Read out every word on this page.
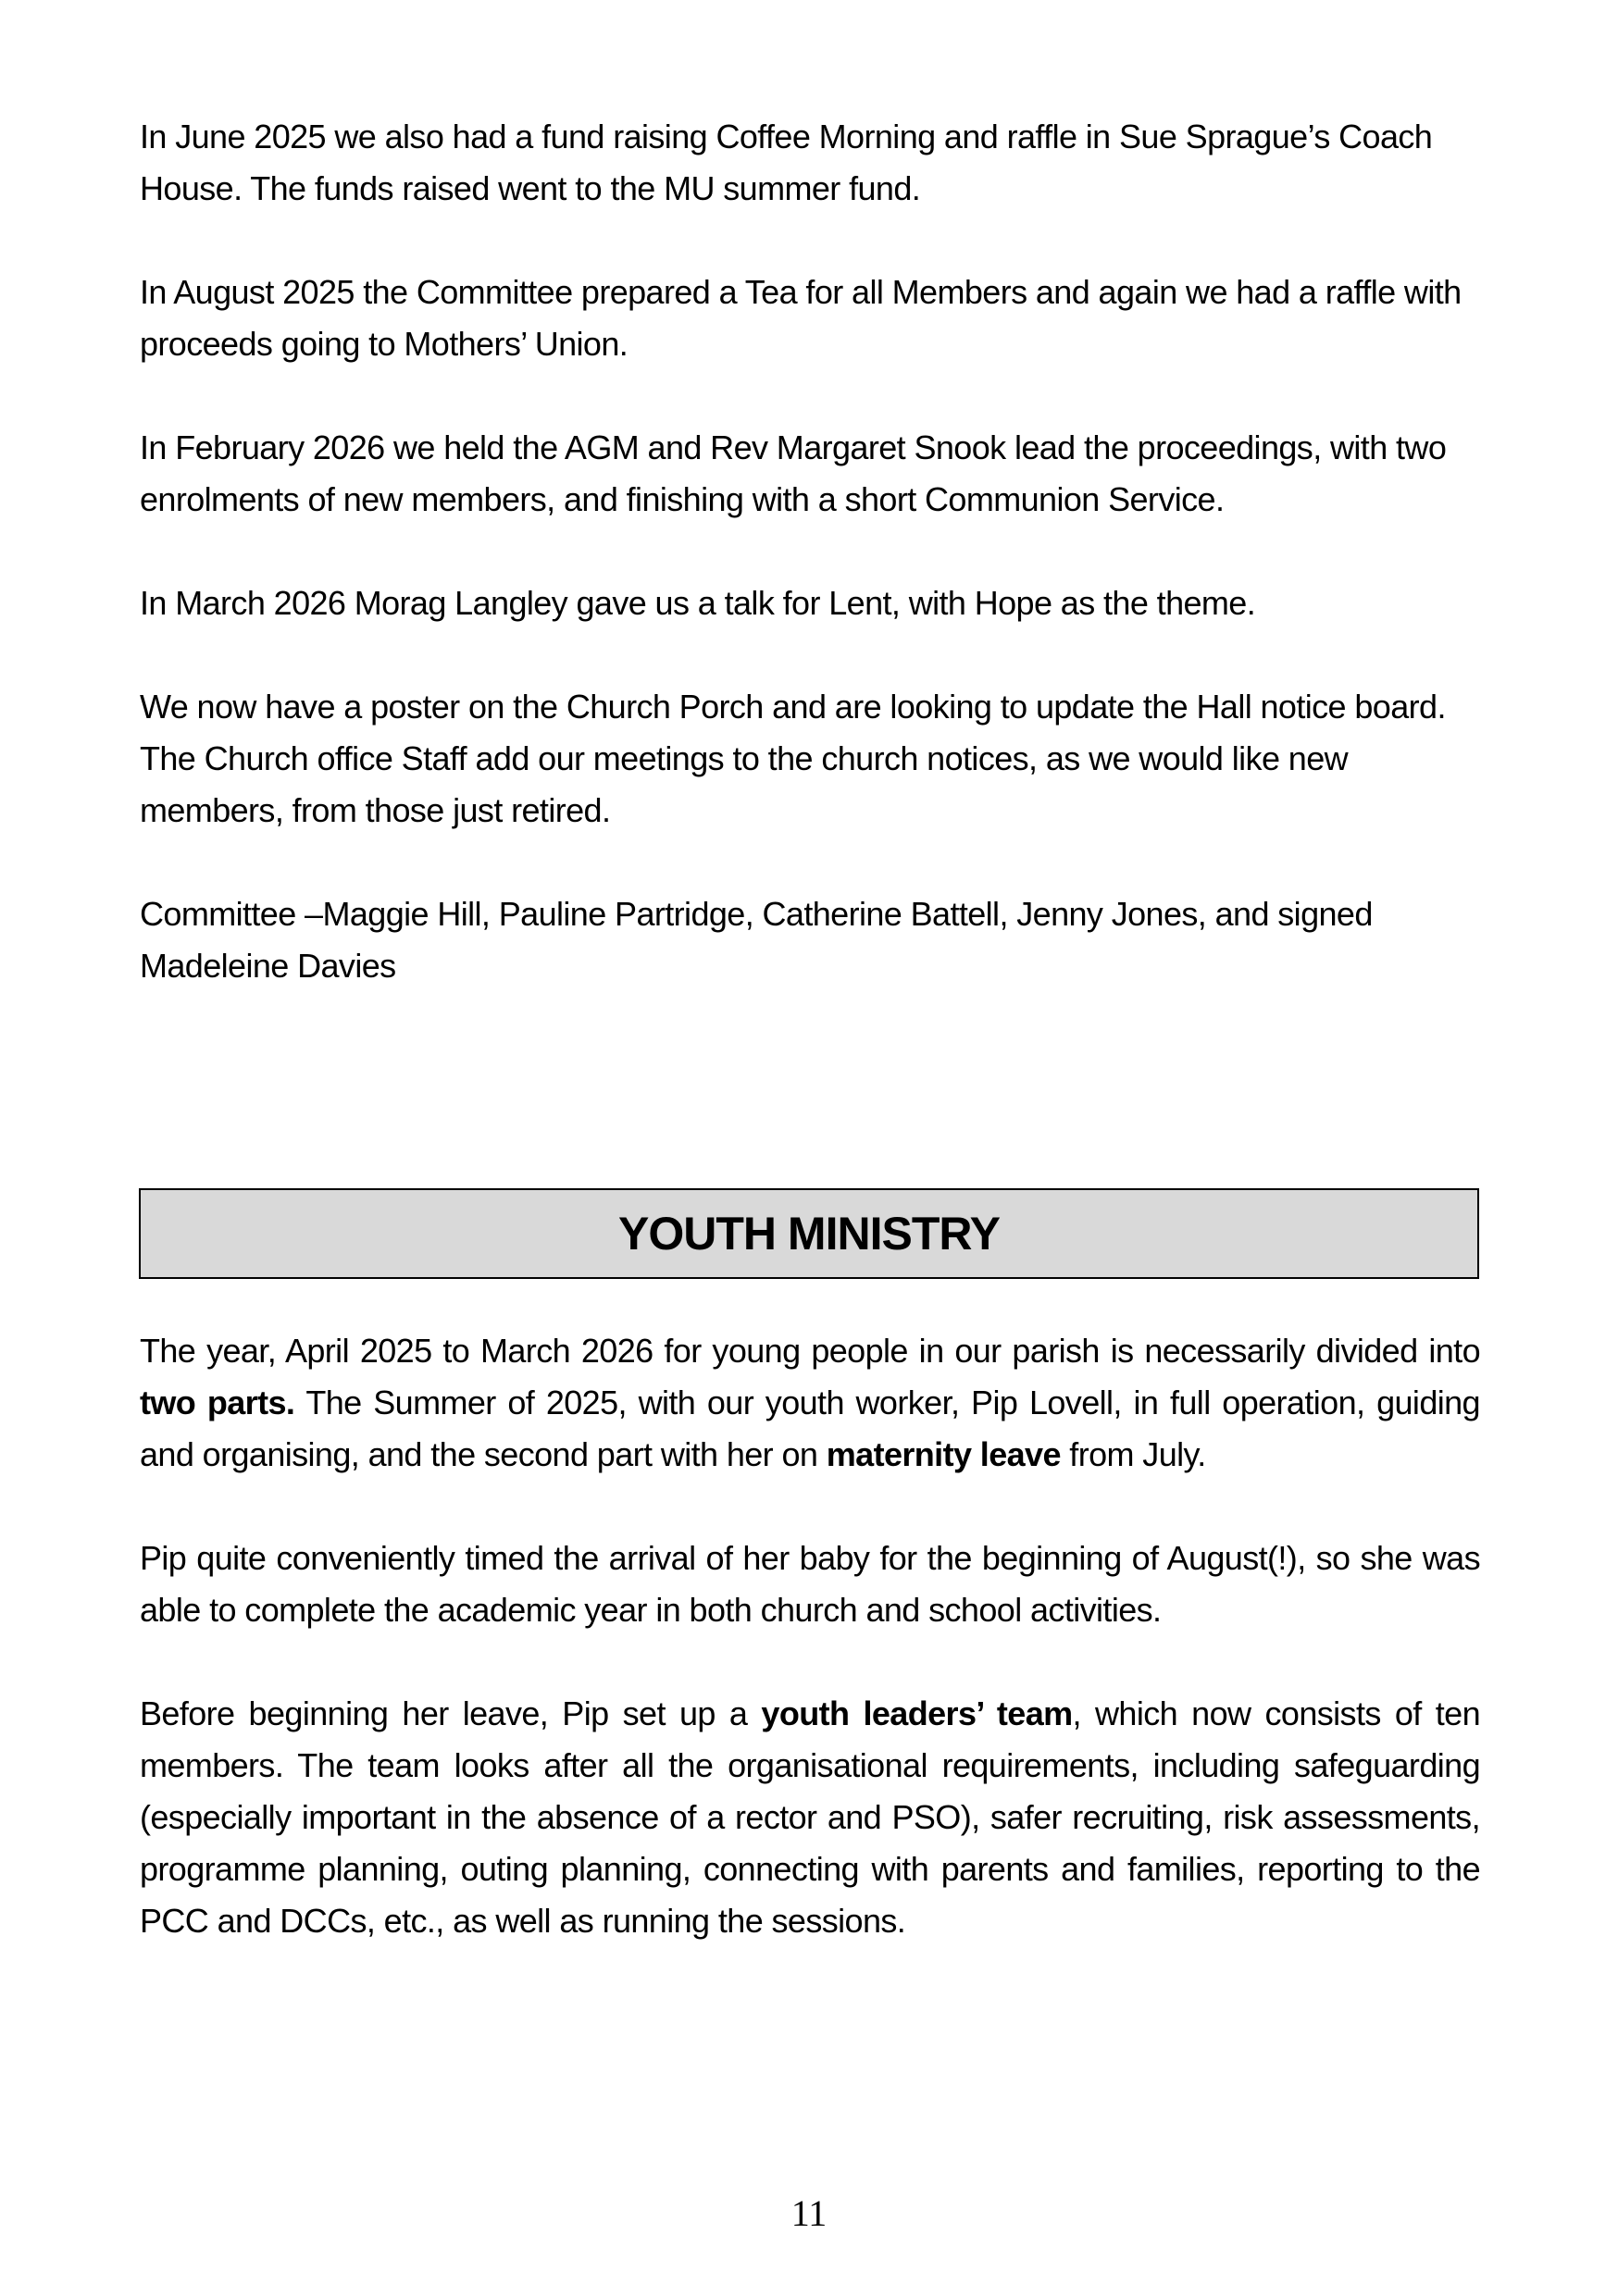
In June 2025 we also had a fund raising Coffee Morning and raffle in Sue Sprague’s Coach House. The funds raised went to the MU summer fund.

In August 2025 the Committee prepared a Tea for all Members and again we had a raffle with proceeds going to Mothers’ Union.

In February 2026 we held the AGM and Rev Margaret Snook lead the proceedings, with two enrolments of new members, and finishing with a short Communion Service.

In March 2026 Morag Langley gave us a talk for Lent, with Hope as the theme.

We now have a poster on the Church Porch and are looking to update the Hall notice board. The Church office Staff add our meetings to the church notices, as we would like new members, from those just retired.

Committee –Maggie Hill, Pauline Partridge, Catherine Battell, Jenny Jones, and signed Madeleine Davies

YOUTH MINISTRY

The year, April 2025 to March 2026 for young people in our parish is necessarily divided into two parts. The Summer of 2025, with our youth worker, Pip Lovell, in full operation, guiding and organising, and the second part with her on maternity leave from July.

Pip quite conveniently timed the arrival of her baby for the beginning of August(!), so she was able to complete the academic year in both church and school activities.

Before beginning her leave, Pip set up a youth leaders’ team, which now consists of ten members. The team looks after all the organisational requirements, including safeguarding (especially important in the absence of a rector and PSO), safer recruiting, risk assessments, programme planning, outing planning, connecting with parents and families, reporting to the PCC and DCCs, etc., as well as running the sessions.

11
